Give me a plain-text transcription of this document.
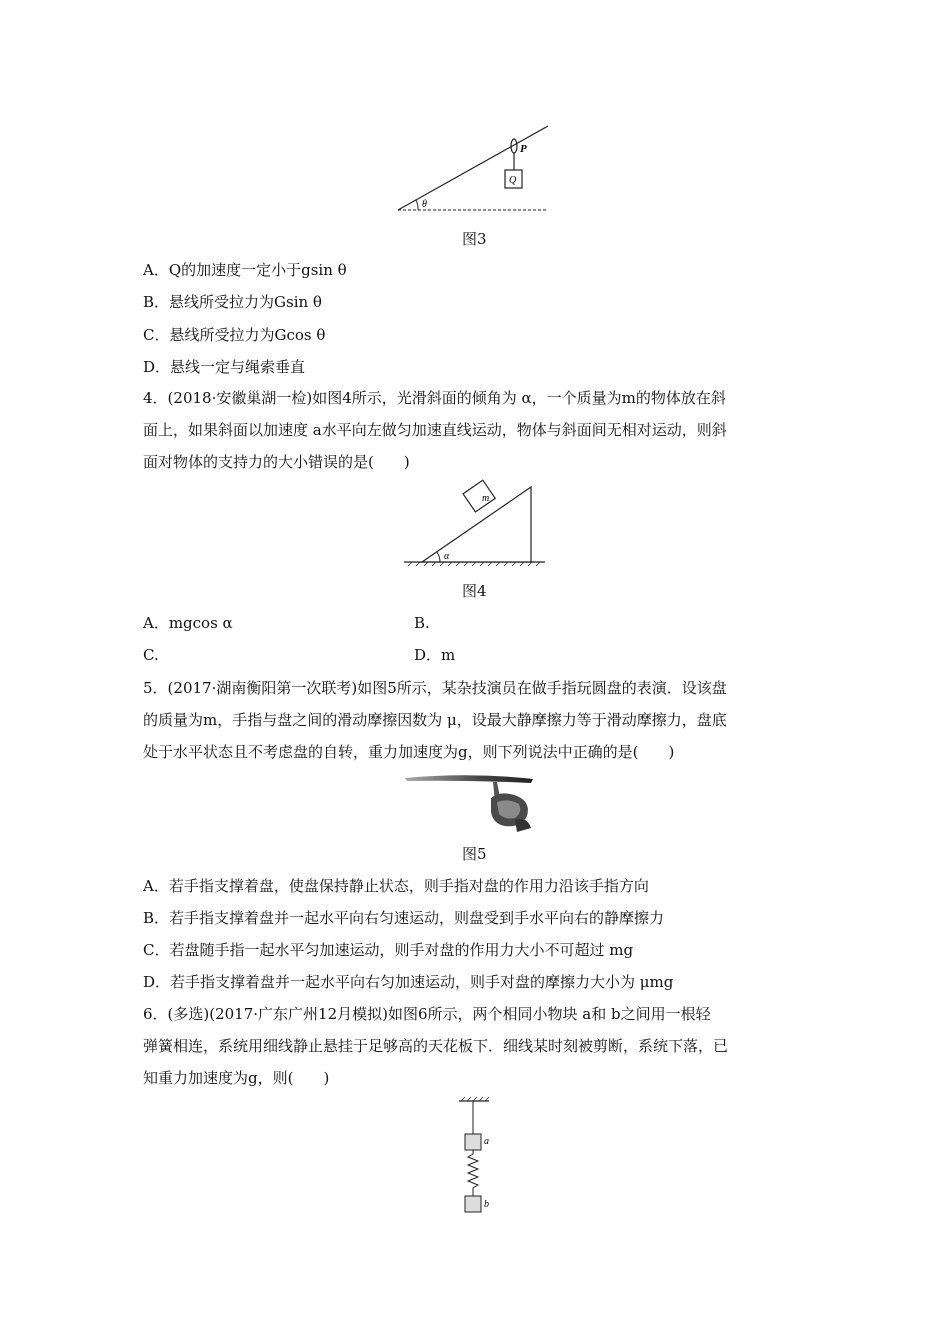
P
Q
θ
图3
A．Q的加速度一定小于gsin θ
B．悬线所受拉力为Gsin θ
C．悬线所受拉力为Gcos θ
D．悬线一定与绳索垂直
4．(2018·安徽巢湖一检)如图4所示，光滑斜面的倾角为 α，一个质量为m的物体放在斜
面上，如果斜面以加速度 a水平向左做匀加速直线运动，物体与斜面间无相对运动，则斜
面对物体的支持力的大小错误的是(　　)
m
α
图4
A．mgcos α	B.
C.	D．m
5．(2017·湖南衡阳第一次联考)如图5所示，某杂技演员在做手指玩圆盘的表演．设该盘
的质量为m，手指与盘之间的滑动摩擦因数为 μ，设最大静摩擦力等于滑动摩擦力，盘底
处于水平状态且不考虑盘的自转，重力加速度为g，则下列说法中正确的是(　　)
图5
A．若手指支撑着盘，使盘保持静止状态，则手指对盘的作用力沿该手指方向
B．若手指支撑着盘并一起水平向右匀速运动，则盘受到手水平向右的静摩擦力
C．若盘随手指一起水平匀加速运动，则手对盘的作用力大小不可超过 mg
D．若手指支撑着盘并一起水平向右匀加速运动，则手对盘的摩擦力大小为 μmg
6．(多选)(2017·广东广州12月模拟)如图6所示，两个相同小物块 a和 b之间用一根轻
弹簧相连，系统用细线静止悬挂于足够高的天花板下．细线某时刻被剪断，系统下落，已
知重力加速度为g，则(　　)
a
b
